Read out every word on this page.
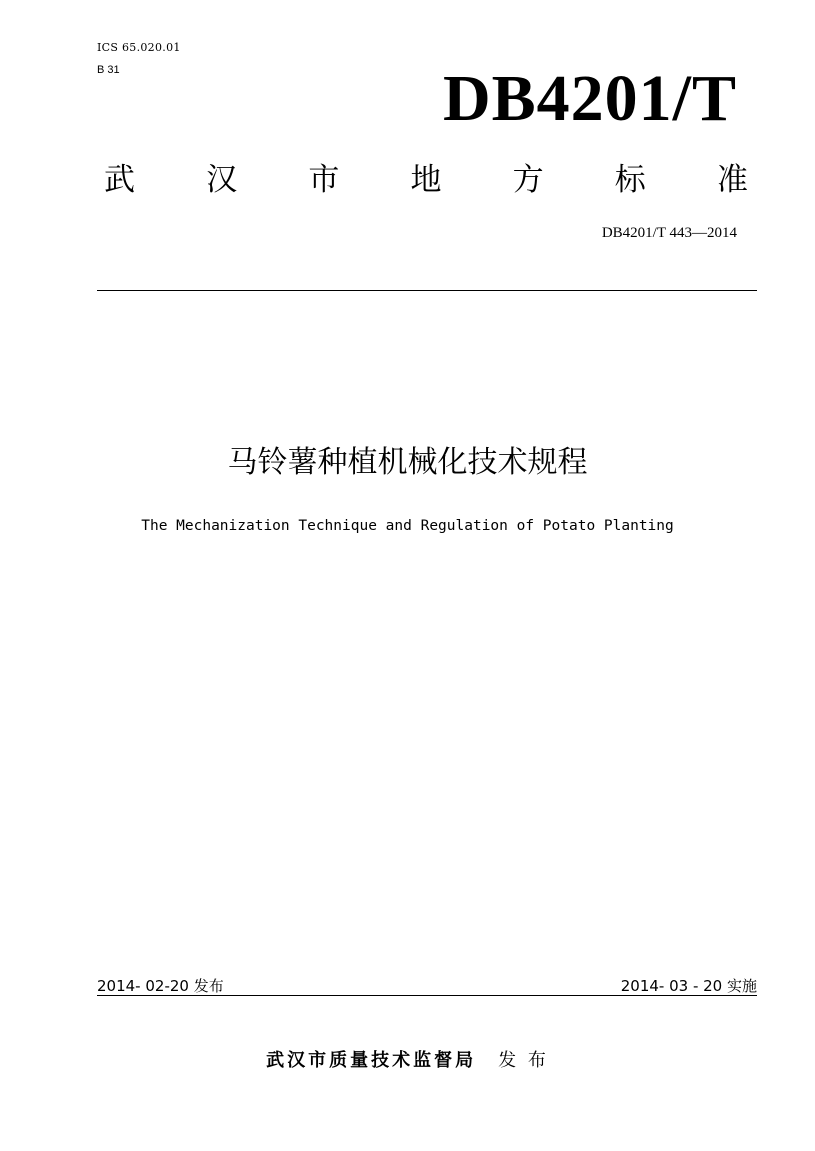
ICS 65.020.01
B 31	DB4201/T
武 汉 市 地 方 标 准
DB4201/T 443—2014
马铃薯种植机械化技术规程
The Mechanization Technique and Regulation of Potato Planting
2014- 02-20 发布	2014- 03 - 20 实施
武汉市质量技术监督局 发 布
